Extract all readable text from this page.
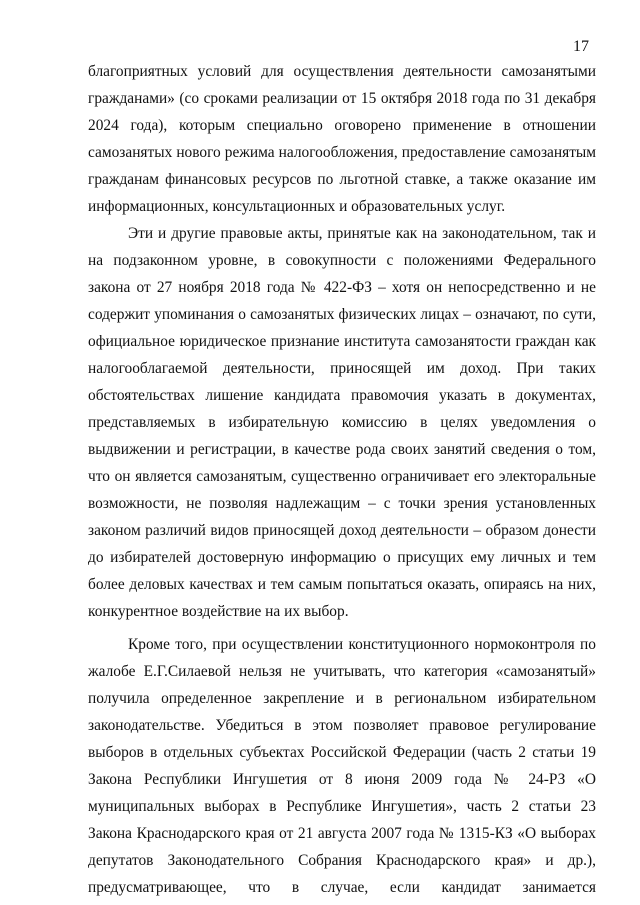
17

благоприятных условий для осуществления деятельности самозанятыми гражданами» (со сроками реализации от 15 октября 2018 года по 31 декабря 2024 года), которым специально оговорено применение в отношении самозанятых нового режима налогообложения, предоставление самозанятым гражданам финансовых ресурсов по льготной ставке, а также оказание им информационных, консультационных и образовательных услуг.

Эти и другие правовые акты, принятые как на законодательном, так и на подзаконном уровне, в совокупности с положениями Федерального закона от 27 ноября 2018 года № 422-ФЗ – хотя он непосредственно и не содержит упоминания о самозанятых физических лицах – означают, по сути, официальное юридическое признание института самозанятости граждан как налогооблагаемой деятельности, приносящей им доход. При таких обстоятельствах лишение кандидата правомочия указать в документах, представляемых в избирательную комиссию в целях уведомления о выдвижении и регистрации, в качестве рода своих занятий сведения о том, что он является самозанятым, существенно ограничивает его электоральные возможности, не позволяя надлежащим – с точки зрения установленных законом различий видов приносящей доход деятельности – образом донести до избирателей достоверную информацию о присущих ему личных и тем более деловых качествах и тем самым попытаться оказать, опираясь на них, конкурентное воздействие на их выбор.

Кроме того, при осуществлении конституционного нормоконтроля по жалобе Е.Г.Силаевой нельзя не учитывать, что категория «самозанятый» получила определенное закрепление и в региональном избирательном законодательстве. Убедиться в этом позволяет правовое регулирование выборов в отдельных субъектах Российской Федерации (часть 2 статьи 19 Закона Республики Ингушетия от 8 июня 2009 года № 24-РЗ «О муниципальных выборах в Республике Ингушетия», часть 2 статьи 23 Закона Краснодарского края от 21 августа 2007 года № 1315-КЗ «О выборах депутатов Законодательного Собрания Краснодарского края» и др.), предусматривающее, что в случае, если кандидат занимается
